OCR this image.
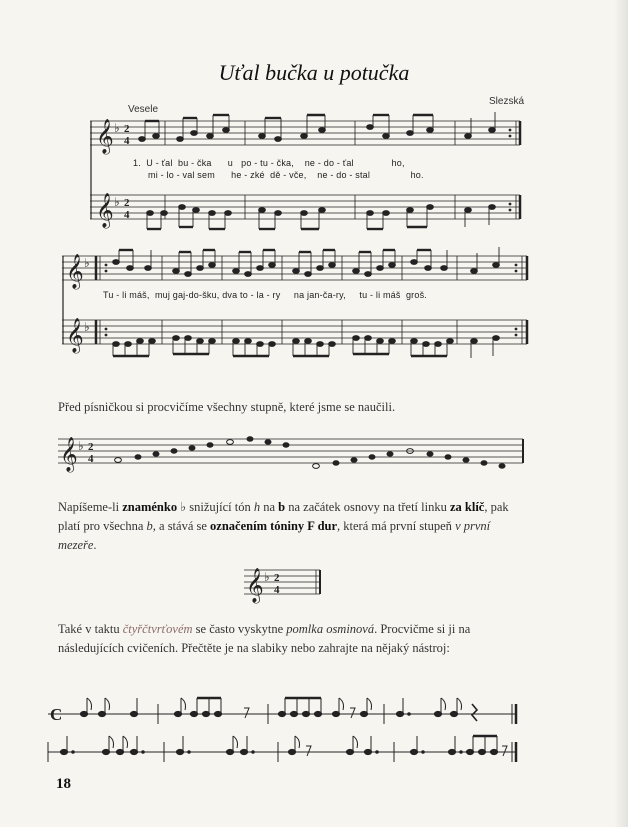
Uťal bučka u potučka
Vesele
Slezská
𝄞
𝄞
♭
♭
2
4
2
4
1.  U - ťal  bu - čka      u   po - tu - čka,    ne - do - ťal              ho,
mi - lo - val sem      he - zké  dě - vče,    ne - do - stal               ho.
𝄞
𝄞
♭
♭
Tu - li máš,  muj gaj-do-šku, dva to - la - ry     na jan-ča-ry,     tu - li máš  groš.
Před písničkou si procvičíme všechny stupně, které jsme se naučili.
𝄞 ♭ 2
4
Napíšeme-li znaménko ♭ snižující tón h na b na začátek osnovy na třetí linku za klíč, pak platí pro všechna b, a stává se označením tóniny F dur, která má první stupeň v první mezeře.
𝄞 ♭ 2
4
Také v taktu čtyřčtvrťovém se často vyskytne pomlka osminová. Procvičme si ji na následujících cvičeních. Přečtěte je na slabiky nebo zahrajte na nějaký nástroj:
C
18
